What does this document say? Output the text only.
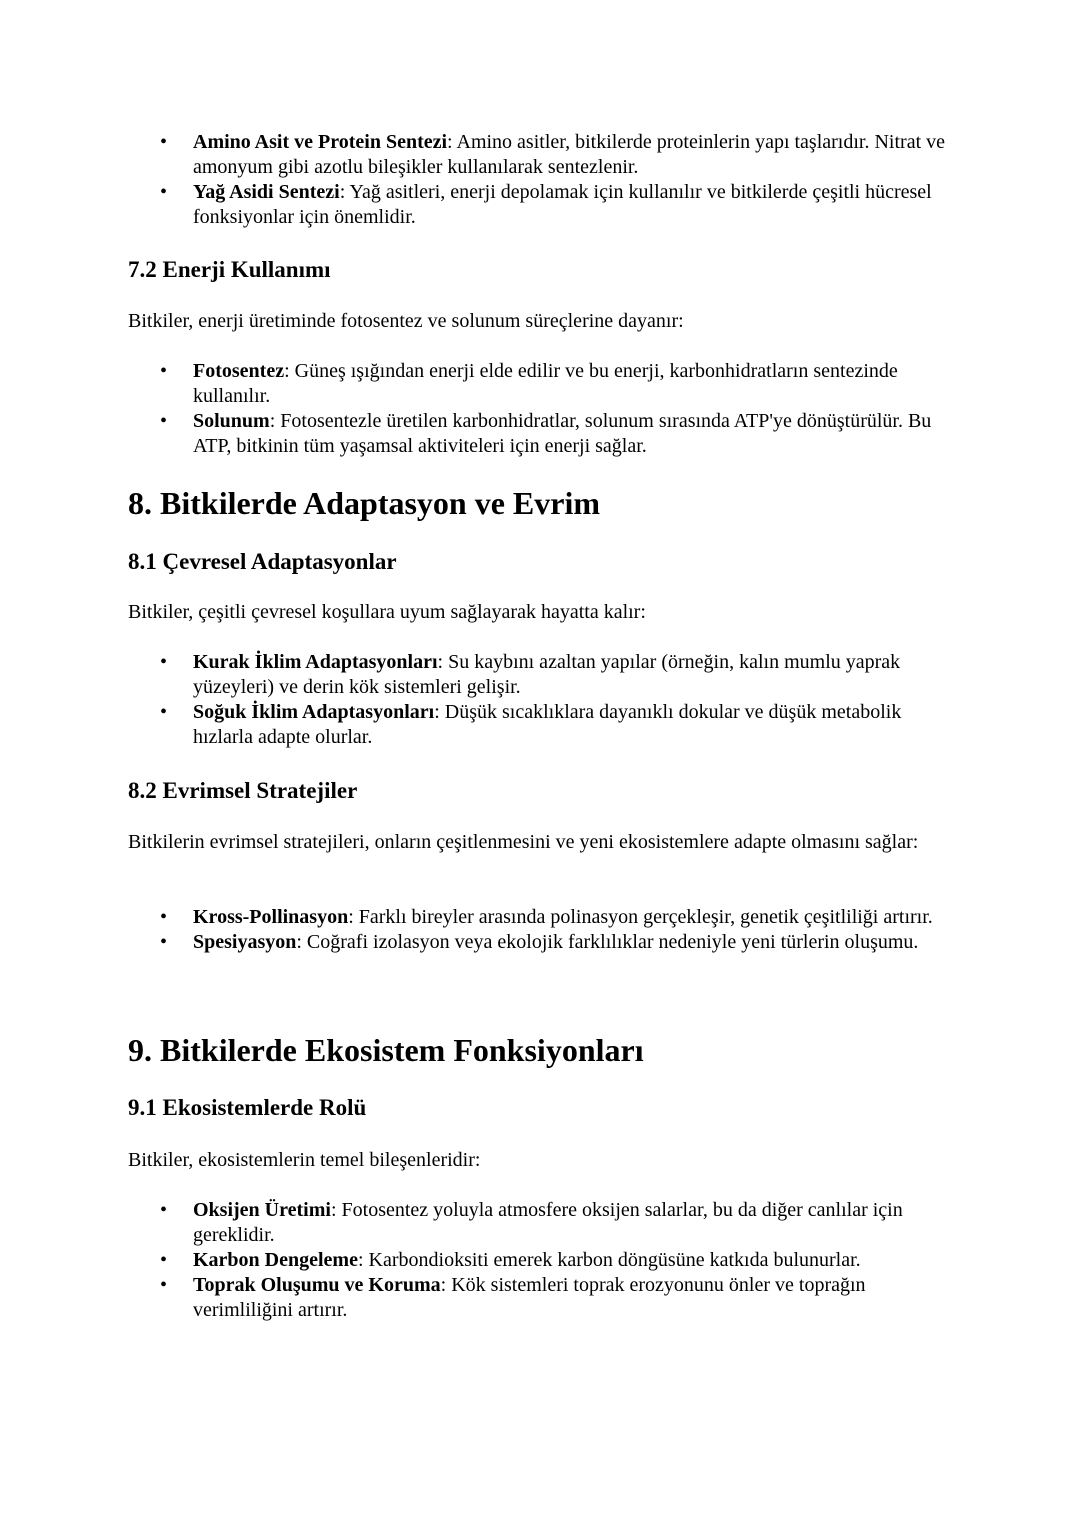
• Amino Asit ve Protein Sentezi: Amino asitler, bitkilerde proteinlerin yapı taşlarıdır. Nitrat ve amonyum gibi azotlu bileşikler kullanılarak sentezlenir.
• Yağ Asidi Sentezi: Yağ asitleri, enerji depolamak için kullanılır ve bitkilerde çeşitli hücresel fonksiyonlar için önemlidir.
7.2 Enerji Kullanımı

Bitkiler, enerji üretiminde fotosentez ve solunum süreçlerine dayanır:

• Fotosentez: Güneş ışığından enerji elde edilir ve bu enerji, karbonhidratların sentezinde kullanılır.
• Solunum: Fotosentezle üretilen karbonhidratlar, solunum sırasında ATP'ye dönüştürülür. Bu ATP, bitkinin tüm yaşamsal aktiviteleri için enerji sağlar.
8. Bitkilerde Adaptasyon ve Evrim
8.1 Çevresel Adaptasyonlar

Bitkiler, çeşitli çevresel koşullara uyum sağlayarak hayatta kalır:

• Kurak İklim Adaptasyonları: Su kaybını azaltan yapılar (örneğin, kalın mumlu yaprak yüzeyleri) ve derin kök sistemleri gelişir.
• Soğuk İklim Adaptasyonları: Düşük sıcaklıklara dayanıklı dokular ve düşük metabolik hızlarla adapte olurlar.
8.2 Evrimsel Stratejiler

Bitkilerin evrimsel stratejileri, onların çeşitlenmesini ve yeni ekosistemlere adapte olmasını sağlar:

• Kross-Pollinasyon: Farklı bireyler arasında polinasyon gerçekleşir, genetik çeşitliliği artırır.
• Spesiyasyon: Coğrafi izolasyon veya ekolojik farklılıklar nedeniyle yeni türlerin oluşumu.
9. Bitkilerde Ekosistem Fonksiyonları
9.1 Ekosistemlerde Rolü

Bitkiler, ekosistemlerin temel bileşenleridir:

• Oksijen Üretimi: Fotosentez yoluyla atmosfere oksijen salarlar, bu da diğer canlılar için gereklidir.
• Karbon Dengeleme: Karbondioksiti emerek karbon döngüsüne katkıda bulunurlar.
• Toprak Oluşumu ve Koruma: Kök sistemleri toprak erozyonunu önler ve toprağın verimliliğini artırır.
